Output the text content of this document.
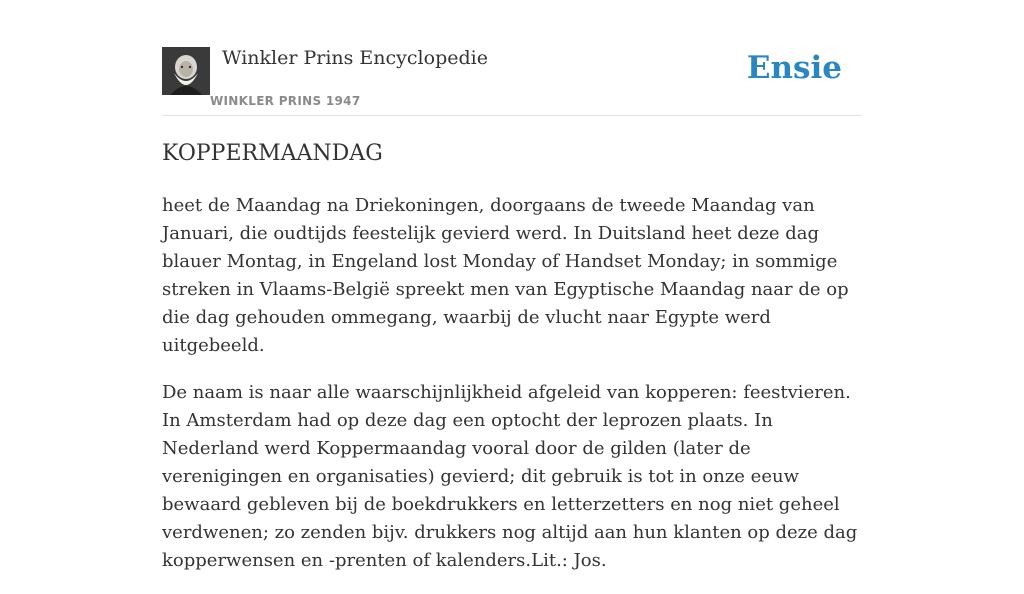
Winkler Prins Encyclopedie
WINKLER PRINS 1947
Ensie
KOPPERMAANDAG

heet de Maandag na Driekoningen, doorgaans de tweede Maandag van Januari, die oudtijds feestelijk gevierd werd. In Duitsland heet deze dag blauer Montag, in Engeland lost Monday of Handset Monday; in sommige streken in Vlaams-België spreekt men van Egyptische Maandag naar de op die dag gehouden ommegang, waarbij de vlucht naar Egypte werd uitgebeeld.

De naam is naar alle waarschijnlijkheid afgeleid van kopperen: feestvieren. In Amsterdam had op deze dag een optocht der leprozen plaats. In Nederland werd Koppermaandag vooral door de gilden (later de verenigingen en organisaties) gevierd; dit gebruik is tot in onze eeuw bewaard gebleven bij de boekdrukkers en letterzetters en nog niet geheel verdwenen; zo zenden bijv. drukkers nog altijd aan hun klanten op deze dag kopperwensen en -prenten of kalenders.Lit.: Jos.
